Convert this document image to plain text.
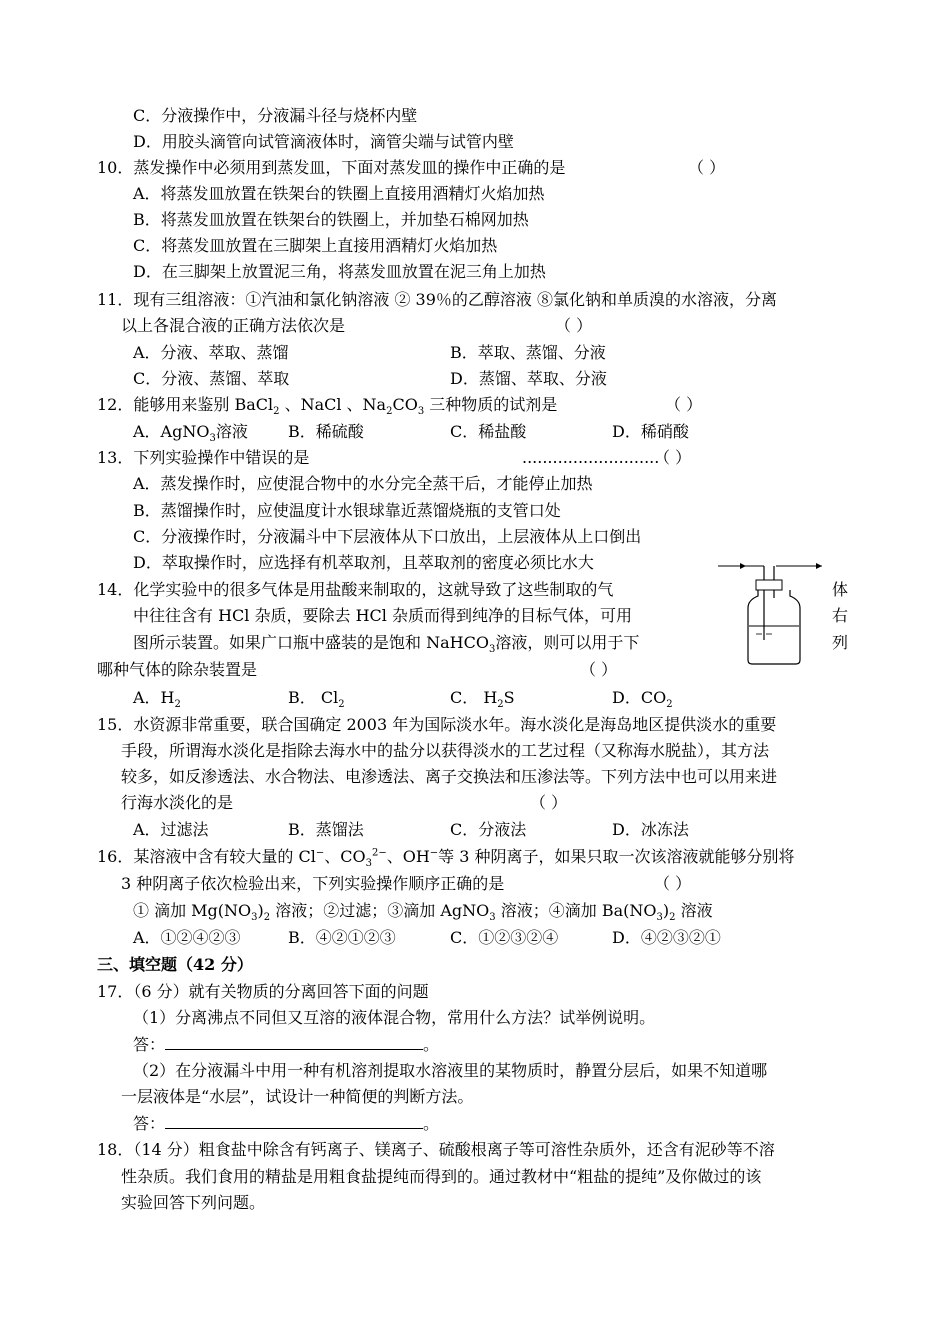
C．分液操作中，分液漏斗径与烧杯内壁
D．用胶头滴管向试管滴液体时，滴管尖端与试管内壁
10．蒸发操作中必须用到蒸发皿，下面对蒸发皿的操作中正确的是	（ ）
A．将蒸发皿放置在铁架台的铁圈上直接用酒精灯火焰加热
B．将蒸发皿放置在铁架台的铁圈上，并加垫石棉网加热
C．将蒸发皿放置在三脚架上直接用酒精灯火焰加热
D．在三脚架上放置泥三角，将蒸发皿放置在泥三角上加热
11．现有三组溶液：①汽油和氯化钠溶液 ② 39％的乙醇溶液 ⑧氯化钠和单质溴的水溶液，分离
以上各混合液的正确方法依次是	（ ）
A．分液、萃取、蒸馏	B．萃取、蒸馏、分液
C．分液、蒸馏、萃取	D．蒸馏、萃取、分液
12．能够用来鉴别 BaCl$_2$ 、NaCl 、$Na_2CO_3$ 三种物质的试剂是	（ ）
A．AgNO$_3$溶液	B．稀硫酸	C．稀盐酸	D．稀硝酸
13．下列实验操作中错误的是	...........................
（ ）
A．蒸发操作时，应使混合物中的水分完全蒸干后，才能停止加热
B．蒸馏操作时，应使温度计水银球靠近蒸馏烧瓶的支管口处
C．分液操作时，分液漏斗中下层液体从下口放出，上层液体从上口倒出
D．萃取操作时，应选择有机萃取剂，且萃取剂的密度必须比水大
14．化学实验中的很多气体是用盐酸来制取的，这就导致了这些制取的气	体
中往往含有 HCl 杂质，要除去 HCl 杂质而得到纯净的目标气体，可用	右
图所示装置。如果广口瓶中盛装的是饱和 NaHCO$_3$溶液，则可以用于下	列
哪种气体的除杂装置是	（ ）
A．$H_2$	B． $Cl_2$	C． $H_2S$	D．$CO_2$
15．水资源非常重要，联合国确定 2003 年为国际淡水年。海水淡化是海岛地区提供淡水的重要
手段，所谓海水淡化是指除去海水中的盐分以获得淡水的工艺过程（又称海水脱盐），其方法
较多，如反渗透法、水合物法、电渗透法、离子交换法和压渗法等。下列方法中也可以用来进
行海水淡化的是	（ ）
A．过滤法	B．蒸馏法	C．分液法	D．冰冻法
16．某溶液中含有较大量的 Cl−、$CO_3^{2-}$、OH−等 3 种阴离子，如果只取一次该溶液就能够分别将
3 种阴离子依次检验出来，下列实验操作顺序正确的是	（ ）
① 滴加 $Mg(NO_3)_2$ 溶液；②过滤；③滴加 AgNO$_3$ 溶液；④滴加 $Ba(NO_3)_2$ 溶液
A．①②④②③	B．④②①②③	C．①②③②④	D．④②③②①
三、填空题（42 分）
17．（6 分）就有关物质的分离回答下面的问题
（1）分离沸点不同但又互溶的液体混合物，常用什么方法？试举例说明。
答：	。
（2）在分液漏斗中用一种有机溶剂提取水溶液里的某物质时，静置分层后，如果不知道哪
一层液体是“水层”，试设计一种简便的判断方法。
答：	。
18．（14 分）粗食盐中除含有钙离子、镁离子、硫酸根离子等可溶性杂质外，还含有泥砂等不溶
性杂质。我们食用的精盐是用粗食盐提纯而得到的。通过教材中“粗盐的提纯”及你做过的该
实验回答下列问题。
